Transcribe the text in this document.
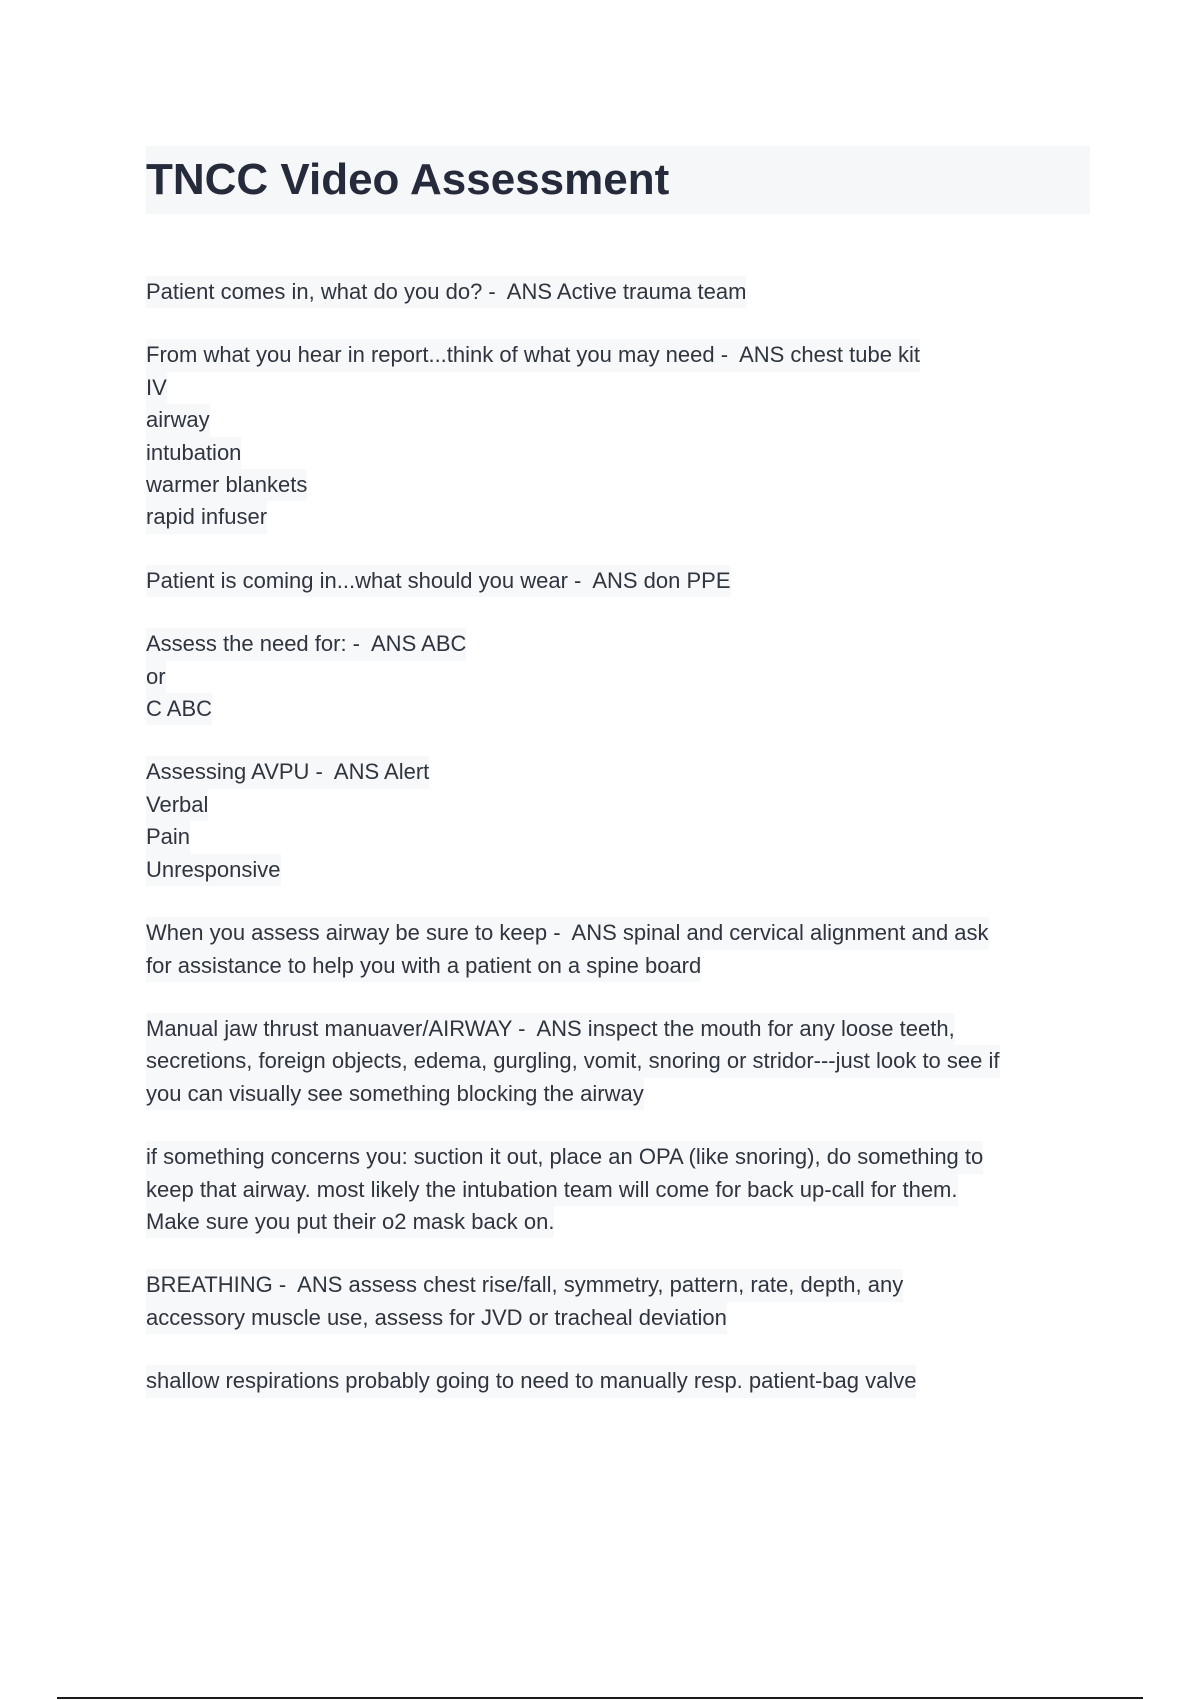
TNCC Video Assessment
Patient comes in, what do you do? -  ANS Active trauma team
From what you hear in report...think of what you may need -  ANS chest tube kit
IV
airway
intubation
warmer blankets
rapid infuser
Patient is coming in...what should you wear -  ANS don PPE
Assess the need for: -  ANS ABC
or
C ABC
Assessing AVPU -  ANS Alert
Verbal
Pain
Unresponsive
When you assess airway be sure to keep -  ANS spinal and cervical alignment and ask
for assistance to help you with a patient on a spine board
Manual jaw thrust manuaver/AIRWAY -  ANS inspect the mouth for any loose teeth,
secretions, foreign objects, edema, gurgling, vomit, snoring or stridor---just look to see if
you can visually see something blocking the airway
if something concerns you: suction it out, place an OPA (like snoring), do something to
keep that airway. most likely the intubation team will come for back up-call for them.
Make sure you put their o2 mask back on.
BREATHING -  ANS assess chest rise/fall, symmetry, pattern, rate, depth, any
accessory muscle use, assess for JVD or tracheal deviation
shallow respirations probably going to need to manually resp. patient-bag valve
